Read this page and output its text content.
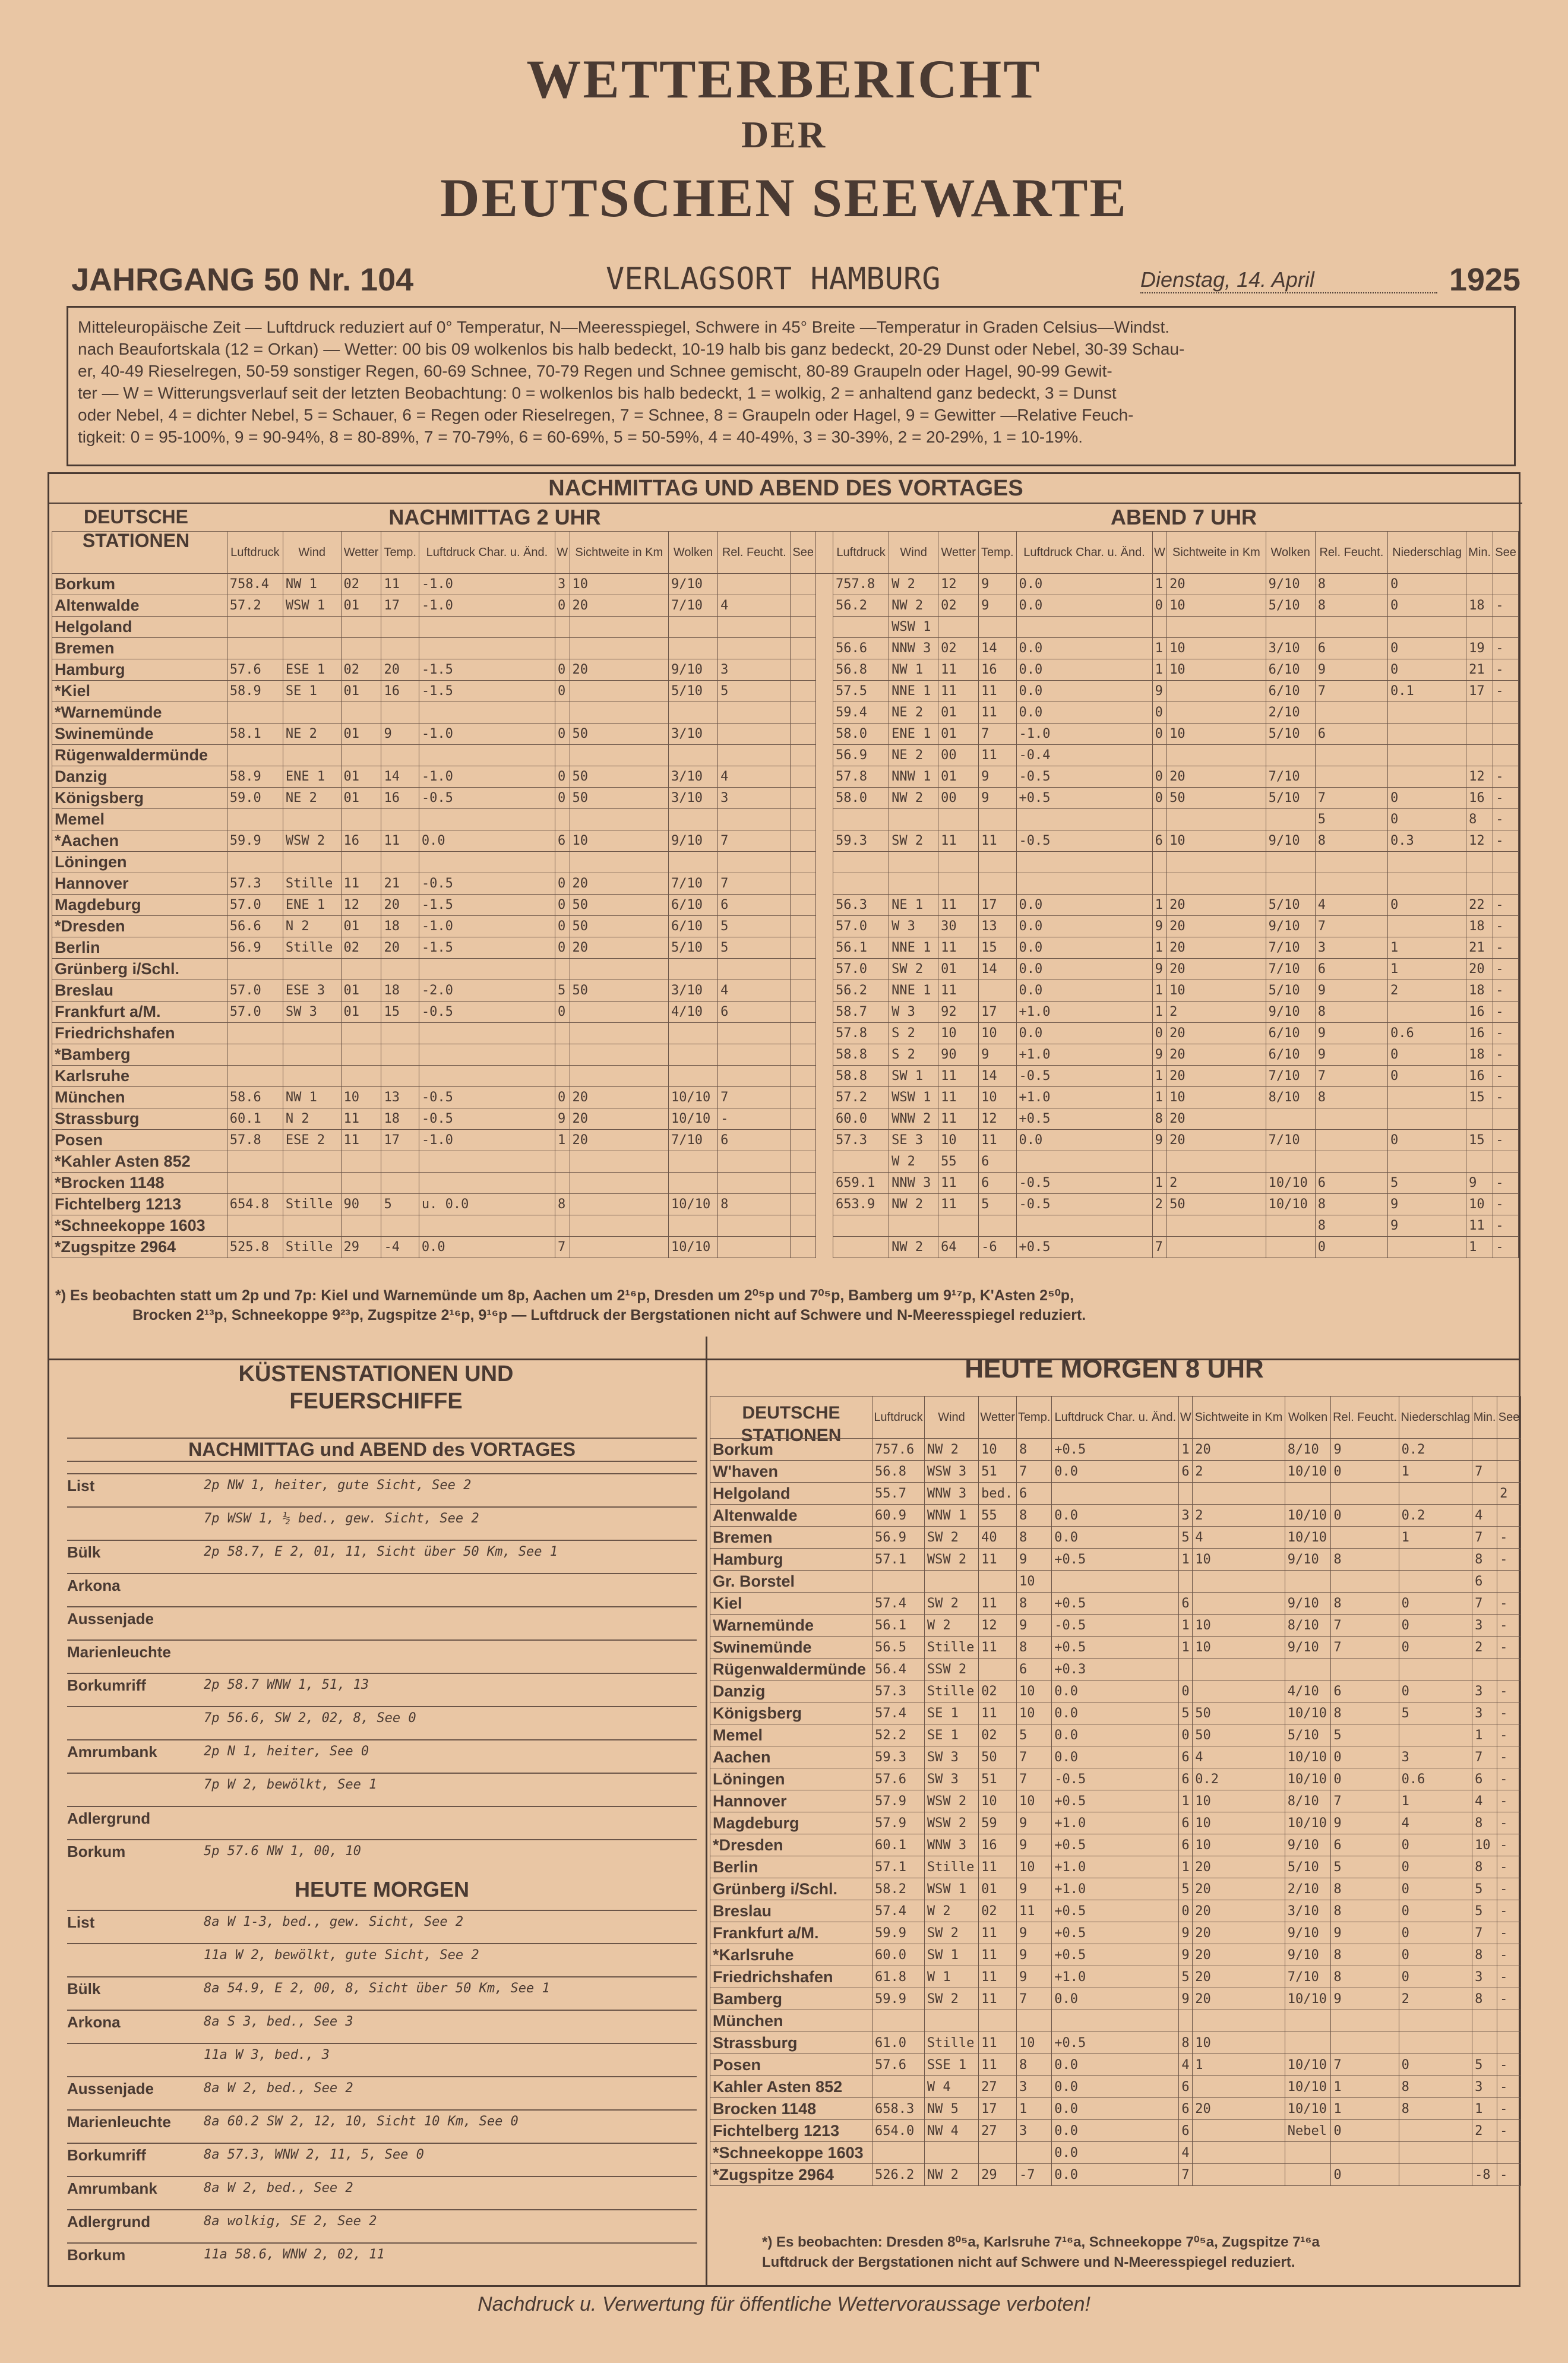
WETTERBERICHT
DER
DEUTSCHEN SEEWARTE
JAHRGANG 50 Nr. 104	VERLAGSORT HAMBURG	Dienstag, 14. April	1925

Mitteleuropäische Zeit — Luftdruck reduziert auf 0° Temperatur, N—Meeresspiegel, Schwere in 45° Breite —Temperatur in Graden Celsius—Windst.

nach Beaufortskala (12 = Orkan) — Wetter: 00 bis 09 wolkenlos bis halb bedeckt, 10-19 halb bis ganz bedeckt, 20-29 Dunst oder Nebel, 30-39 Schau-

er, 40-49 Rieselregen, 50-59 sonstiger Regen, 60-69 Schnee, 70-79 Regen und Schnee gemischt, 80-89 Graupeln oder Hagel, 90-99 Gewit-

ter — W = Witterungsverlauf seit der letzten Beobachtung: 0 = wolkenlos bis halb bedeckt, 1 = wolkig, 2 = anhaltend ganz bedeckt, 3 = Dunst

oder Nebel, 4 = dichter Nebel, 5 = Schauer, 6 = Regen oder Rieselregen, 7 = Schnee, 8 = Graupeln oder Hagel, 9 = Gewitter —Relative Feuch-

tigkeit: 0 = 95-100%, 9 = 90-94%, 8 = 80-89%, 7 = 70-79%, 6 = 60-69%, 5 = 50-59%, 4 = 40-49%, 3 = 30-39%, 2 = 20-29%, 1 = 10-19%.

NACHMITTAG UND ABEND DES VORTAGES
DEUTSCHE STATIONEN
NACHMITTAG 2 UHR	ABEND 7 UHR
	Luftdruck	Wind	Wetter	Temp.	Luftdruck Char. u. Änd.	W	Sichtweite in Km	Wolken	Rel. Feucht.	See		Luftdruck	Wind	Wetter	Temp.	Luftdruck Char. u. Änd.	W	Sichtweite in Km	Wolken	Rel. Feucht.	Niederschlag	Min.	See
Borkum	758.4	NW 1	02	11	-1.0	3	10	9/10				757.8	W 2	12	9	0.0	1	20	9/10	8	0		
Altenwalde	57.2	WSW 1	01	17	-1.0	0	20	7/10	4			56.2	NW 2	02	9	0.0	0	10	5/10	8	0	18	-
Helgoland													WSW 1										
Bremen												56.6	NNW 3	02	14	0.0	1	10	3/10	6	0	19	-
Hamburg	57.6	ESE 1	02	20	-1.5	0	20	9/10	3			56.8	NW 1	11	16	0.0	1	10	6/10	9	0	21	-
*Kiel	58.9	SE 1	01	16	-1.5	0		5/10	5			57.5	NNE 1	11	11	0.0	9		6/10	7	0.1	17	-
*Warnemünde												59.4	NE 2	01	11	0.0	0		2/10				
Swinemünde	58.1	NE 2	01	9	-1.0	0	50	3/10				58.0	ENE 1	01	7	-1.0	0	10	5/10	6			
Rügenwaldermünde												56.9	NE 2	00	11	-0.4							
Danzig	58.9	ENE 1	01	14	-1.0	0	50	3/10	4			57.8	NNW 1	01	9	-0.5	0	20	7/10			12	-
Königsberg	59.0	NE 2	01	16	-0.5	0	50	3/10	3			58.0	NW 2	00	9	+0.5	0	50	5/10	7	0	16	-
Memel																				5	0	8	-
*Aachen	59.9	WSW 2	16	11	0.0	6	10	9/10	7			59.3	SW 2	11	11	-0.5	6	10	9/10	8	0.3	12	-
Löningen																							
Hannover	57.3	Stille	11	21	-0.5	0	20	7/10	7														
Magdeburg	57.0	ENE 1	12	20	-1.5	0	50	6/10	6			56.3	NE 1	11	17	0.0	1	20	5/10	4	0	22	-
*Dresden	56.6	N 2	01	18	-1.0	0	50	6/10	5			57.0	W 3	30	13	0.0	9	20	9/10	7		18	-
Berlin	56.9	Stille	02	20	-1.5	0	20	5/10	5			56.1	NNE 1	11	15	0.0	1	20	7/10	3	1	21	-
Grünberg i/Schl.												57.0	SW 2	01	14	0.0	9	20	7/10	6	1	20	-
Breslau	57.0	ESE 3	01	18	-2.0	5	50	3/10	4			56.2	NNE 1	11		0.0	1	10	5/10	9	2	18	-
Frankfurt a/M.	57.0	SW 3	01	15	-0.5	0		4/10	6			58.7	W 3	92	17	+1.0	1	2	9/10	8		16	-
Friedrichshafen												57.8	S 2	10	10	0.0	0	20	6/10	9	0.6	16	-
*Bamberg												58.8	S 2	90	9	+1.0	9	20	6/10	9	0	18	-
Karlsruhe												58.8	SW 1	11	14	-0.5	1	20	7/10	7	0	16	-
München	58.6	NW 1	10	13	-0.5	0	20	10/10	7			57.2	WSW 1	11	10	+1.0	1	10	8/10	8		15	-
Strassburg	60.1	N 2	11	18	-0.5	9	20	10/10	-			60.0	WNW 2	11	12	+0.5	8	20					
Posen	57.8	ESE 2	11	17	-1.0	1	20	7/10	6			57.3	SE 3	10	11	0.0	9	20	7/10		0	15	-
*Kahler Asten 852													W 2	55	6								
*Brocken 1148												659.1	NNW 3	11	6	-0.5	1	2	10/10	6	5	9	-
Fichtelberg 1213	654.8	Stille	90	5	u. 0.0	8		10/10	8			653.9	NW 2	11	5	-0.5	2	50	10/10	8	9	10	-
*Schneekoppe 1603																				8	9	11	-
*Zugspitze 2964	525.8	Stille	29	-4	0.0	7		10/10					NW 2	64	-6	+0.5	7			0		1	-
*) Es beobachten statt um 2p und 7p: Kiel und Warnemünde um 8p, Aachen um 2¹⁶p, Dresden um 2⁰⁵p und 7⁰⁵p, Bamberg um 9¹⁷p, K'Asten 2⁵⁰p,
Brocken 2¹³p, Schneekoppe 9²³p, Zugspitze 2¹⁶p, 9¹⁶p — Luftdruck der Bergstationen nicht auf Schwere und N-Meeresspiegel reduziert.
KÜSTENSTATIONEN UND FEUERSCHIFFE
NACHMITTAG und ABEND des VORTAGES
List	2p NW 1, heiter, gute Sicht, See 2
7p WSW 1, ½ bed., gew. Sicht, See 2
Bülk	2p 58.7, E 2, 01, 11, Sicht über 50 Km, See 1
Arkona
Aussenjade
Marienleuchte
Borkumriff	2p 58.7 WNW 1, 51, 13
7p 56.6, SW 2, 02, 8, See 0
Amrumbank	2p N 1, heiter, See 0
7p W 2, bewölkt, See 1
Adlergrund
Borkum	5p 57.6 NW 1, 00, 10
HEUTE MORGEN
List	8a W 1-3, bed., gew. Sicht, See 2
11a W 2, bewölkt, gute Sicht, See 2
Bülk	8a 54.9, E 2, 00, 8, Sicht über 50 Km, See 1
Arkona	8a S 3, bed., See 3
11a W 3, bed., 3
Aussenjade	8a W 2, bed., See 2
Marienleuchte	8a 60.2 SW 2, 12, 10, Sicht 10 Km, See 0
Borkumriff	8a 57.3, WNW 2, 11, 5, See 0
Amrumbank	8a W 2, bed., See 2
Adlergrund	8a wolkig, SE 2, See 2
Borkum	11a 58.6, WNW 2, 02, 11
HEUTE MORGEN 8 UHR
DEUTSCHE STATIONEN
	Luftdruck	Wind	Wetter	Temp.	Luftdruck Char. u. Änd.	W	Sichtweite in Km	Wolken	Rel. Feucht.	Niederschlag	Min.	See
Borkum	757.6	NW 2	10	8	+0.5	1	20	8/10	9	0.2		
W'haven	56.8	WSW 3	51	7	0.0	6	2	10/10	0	1	7	
Helgoland	55.7	WNW 3	bed.	6								2
Altenwalde	60.9	WNW 1	55	8	0.0	3	2	10/10	0	0.2	4	
Bremen	56.9	SW 2	40	8	0.0	5	4	10/10		1	7	-
Hamburg	57.1	WSW 2	11	9	+0.5	1	10	9/10	8		8	-
Gr. Borstel				10							6	
Kiel	57.4	SW 2	11	8	+0.5	6		9/10	8	0	7	-
Warnemünde	56.1	W 2	12	9	-0.5	1	10	8/10	7	0	3	-
Swinemünde	56.5	Stille	11	8	+0.5	1	10	9/10	7	0	2	-
Rügenwaldermünde	56.4	SSW 2		6	+0.3							
Danzig	57.3	Stille	02	10	0.0	0		4/10	6	0	3	-
Königsberg	57.4	SE 1	11	10	0.0	5	50	10/10	8	5	3	-
Memel	52.2	SE 1	02	5	0.0	0	50	5/10	5		1	-
Aachen	59.3	SW 3	50	7	0.0	6	4	10/10	0	3	7	-
Löningen	57.6	SW 3	51	7	-0.5	6	0.2	10/10	0	0.6	6	-
Hannover	57.9	WSW 2	10	10	+0.5	1	10	8/10	7	1	4	-
Magdeburg	57.9	WSW 2	59	9	+1.0	6	10	10/10	9	4	8	-
*Dresden	60.1	WNW 3	16	9	+0.5	6	10	9/10	6	0	10	-
Berlin	57.1	Stille	11	10	+1.0	1	20	5/10	5	0	8	-
Grünberg i/Schl.	58.2	WSW 1	01	9	+1.0	5	20	2/10	8	0	5	-
Breslau	57.4	W 2	02	11	+0.5	0	20	3/10	8	0	5	-
Frankfurt a/M.	59.9	SW 2	11	9	+0.5	9	20	9/10	9	0	7	-
*Karlsruhe	60.0	SW 1	11	9	+0.5	9	20	9/10	8	0	8	-
Friedrichshafen	61.8	W 1	11	9	+1.0	5	20	7/10	8	0	3	-
Bamberg	59.9	SW 2	11	7	0.0	9	20	10/10	9	2	8	-
München												
Strassburg	61.0	Stille	11	10	+0.5	8	10					
Posen	57.6	SSE 1	11	8	0.0	4	1	10/10	7	0	5	-
Kahler Asten 852		W 4	27	3	0.0	6		10/10	1	8	3	-
Brocken 1148	658.3	NW 5	17	1	0.0	6	20	10/10	1	8	1	-
Fichtelberg 1213	654.0	NW 4	27	3	0.0	6		Nebel	0		2	-
*Schneekoppe 1603					0.0	4						
*Zugspitze 2964	526.2	NW 2	29	-7	0.0	7			0		-8	-
*) Es beobachten: Dresden 8⁰⁵a, Karlsruhe 7¹⁶a, Schneekoppe 7⁰⁵a, Zugspitze 7¹⁶a
Luftdruck der Bergstationen nicht auf Schwere und N-Meeresspiegel reduziert.
Nachdruck u. Verwertung für öffentliche Wettervoraussage verboten!
